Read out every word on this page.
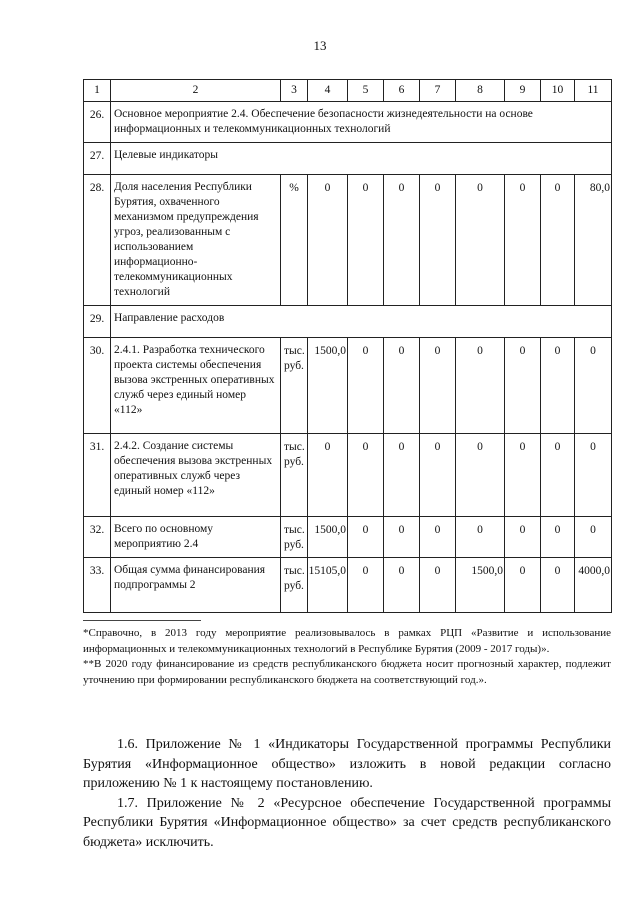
13
1	2	3	4	5	6	7	8	9	10	11
26.	Основное мероприятие 2.4. Обеспечение безопасности жизнедеятельности на основе информационных и телекоммуникационных технологий									
27.	Целевые индикаторы									
28.	Доля населения Республики Бурятия, охваченного механизмом предупреждения угроз, реализованным с использованием информационно-телекоммуникационных технологий	%	0	0	0	0	0	0	0	80,0
29.	Направление расходов									
30.	2.4.1. Разработка технического проекта системы обеспечения вызова экстренных оперативных служб через единый номер «112»	тыс. руб.	1500,0	0	0	0	0	0	0	0
31.	2.4.2. Создание системы обеспечения вызова экстренных оперативных служб через единый номер «112»	тыс. руб.	0	0	0	0	0	0	0	0
32.	Всего по основному мероприятию 2.4	тыс. руб.	1500,0	0	0	0	0	0	0	0
33.	Общая сумма финансирования подпрограммы 2	тыс. руб.	15105,0	0	0	0	1500,0	0	0	4000,0

*Справочно, в 2013 году мероприятие реализовывалось в рамках РЦП «Развитие и использование информационных и телекоммуникационных технологий в Республике Бурятия (2009 - 2017 годы)».

**В 2020 году финансирование из средств республиканского бюджета носит прогнозный характер, подлежит уточнению при формировании республиканского бюджета на соответствующий год.».

1.6. Приложение № 1 «Индикаторы Государственной программы Республики Бурятия «Информационное общество» изложить в новой редакции согласно приложению № 1 к настоящему постановлению.

1.7. Приложение № 2 «Ресурсное обеспечение Государственной программы Республики Бурятия «Информационное общество» за счет средств республиканского бюджета» исключить.
